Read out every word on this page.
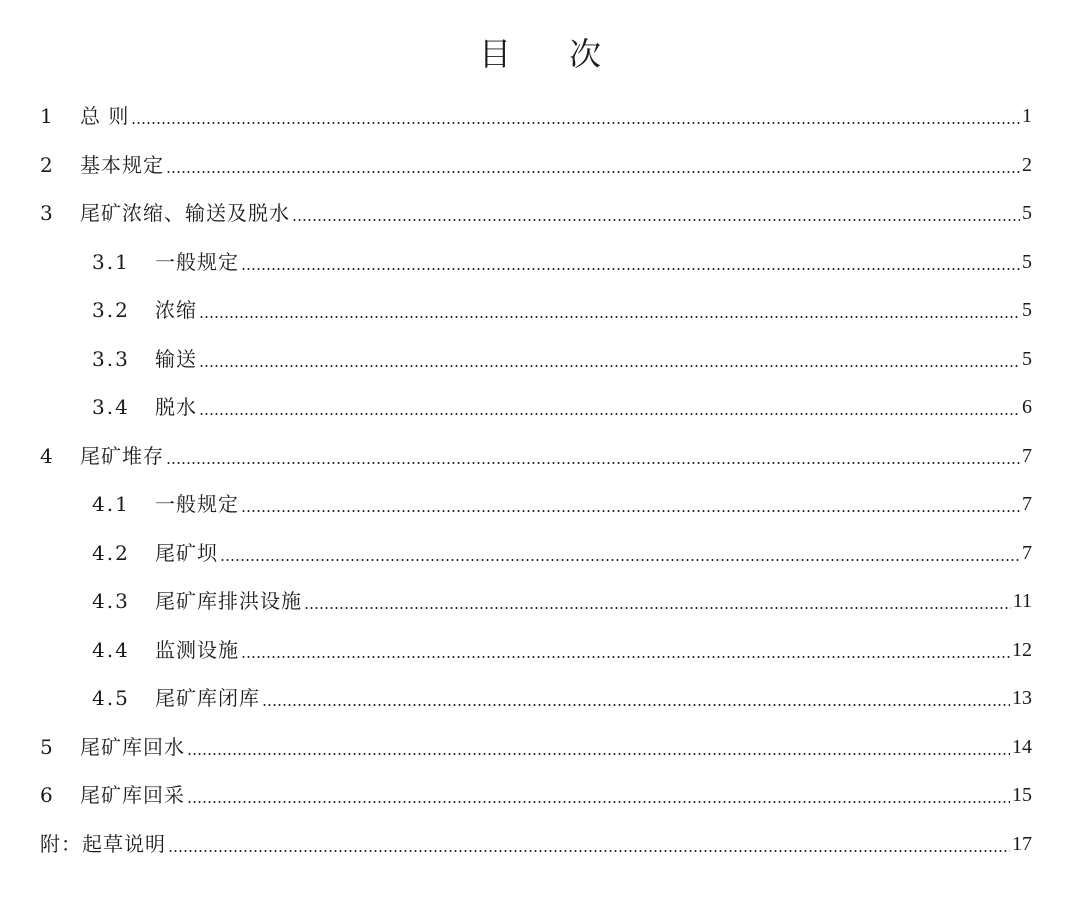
目 次
1	总 则	1
2	基本规定	2
3	尾矿浓缩、输送及脱水	5
3.1	一般规定	5
3.2	浓缩	5
3.3	输送	5
3.4	脱水	6
4	尾矿堆存	7
4.1	一般规定	7
4.2	尾矿坝	7
4.3	尾矿库排洪设施	11
4.4	监测设施	12
4.5	尾矿库闭库	13
5	尾矿库回水	14
6	尾矿库回采	15
附：起草说明	17
